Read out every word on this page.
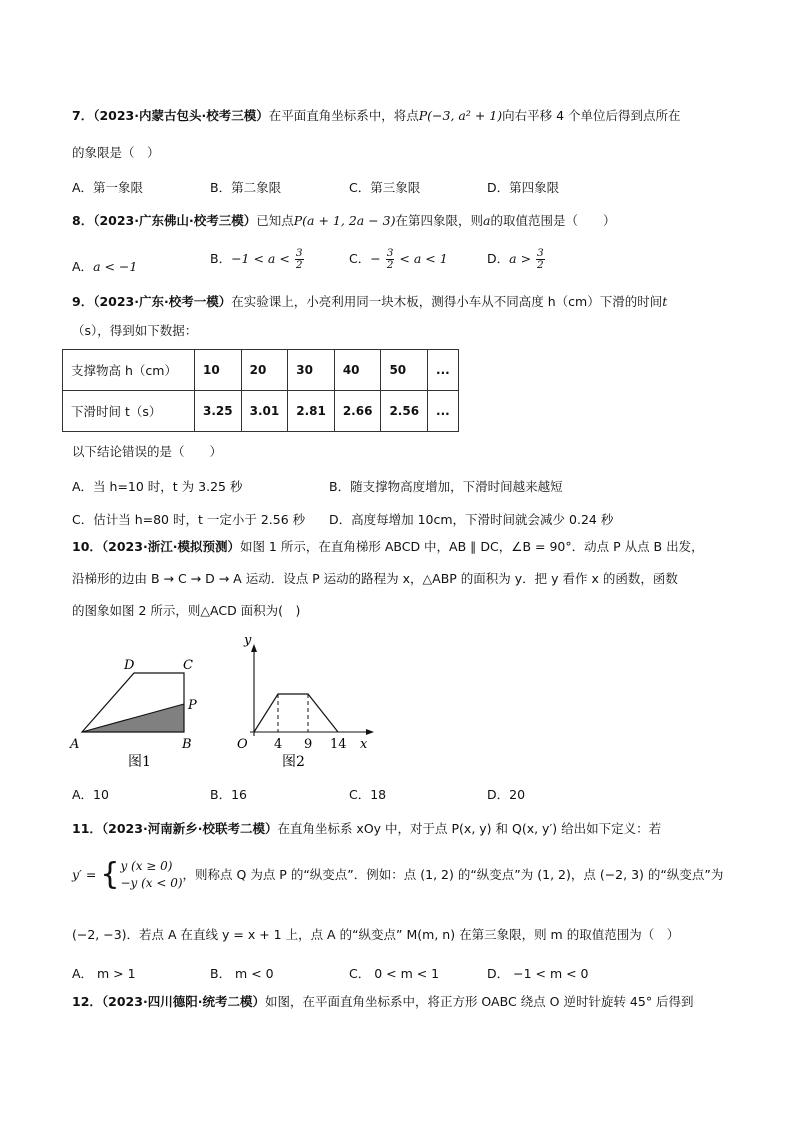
7．（2023·内蒙古包头·校考三模）在平面直角坐标系中，将点P(−3, a² + 1)向右平移 4 个单位后得到点所在
的象限是（　）
A．第一象限	B．第二象限	C．第三象限	D．第四象限
8．（2023·广东佛山·校考三模）已知点P(a + 1, 2a − 3)在第四象限，则a的取值范围是（　　）
A．a < −1
B．$-1 < a < \frac{3}{2}$	C．− $\frac{3}{2} < a < 1$	D．$a > \frac{3}{2}$
9．（2023·广东·校考一模）在实验课上，小亮利用同一块木板，测得小车从不同高度 h（cm）下滑的时间t
（s），得到如下数据：
支撑物高 h（cm）	10	20	30	40	50	...
下滑时间 t（s）	3.25	3.01	2.81	2.66	2.56	...
以下结论错误的是（　　）
A．当 h=10 时，t 为 3.25 秒	B．随支撑物高度增加，下滑时间越来越短
C．估计当 h=80 时，t 一定小于 2.56 秒 D．高度每增加 10cm，下滑时间就会减少 0.24 秒
10．（2023·浙江·模拟预测）如图 1 所示，在直角梯形 ABCD 中，AB ∥ DC，∠B = 90°．动点 P 从点 B 出发，
沿梯形的边由 B → C → D → A 运动．设点 P 运动的路程为 x，△ABP 的面积为 y．把 y 看作 x 的函数，函数
的图象如图 2 所示，则△ACD 面积为(　)
D	C
P
A	B
图1
y
O 4 9 14 x
图2
A．10	B．16	C．18	D．20
11．（2023·河南新乡·校联考二模）在直角坐标系 xOy 中，对于点 P(x, y) 和 Q(x, y′) 给出如下定义：若
y′ = { y (x ≥ 0)
−y (x < 0)
，则称点 Q 为点 P 的“纵变点”．例如：点 (1, 2) 的“纵变点”为 (1, 2)，点 (−2, 3) 的“纵变点”为
(−2, −3)．若点 A 在直线 y = x + 1 上，点 A 的“纵变点” M(m, n) 在第三象限，则 m 的取值范围为（　）
A． m > 1	B． m < 0	C． 0 < m < 1	D． −1 < m < 0
12．（2023·四川德阳·统考二模）如图，在平面直角坐标系中，将正方形 OABC 绕点 O 逆时针旋转 45° 后得到
